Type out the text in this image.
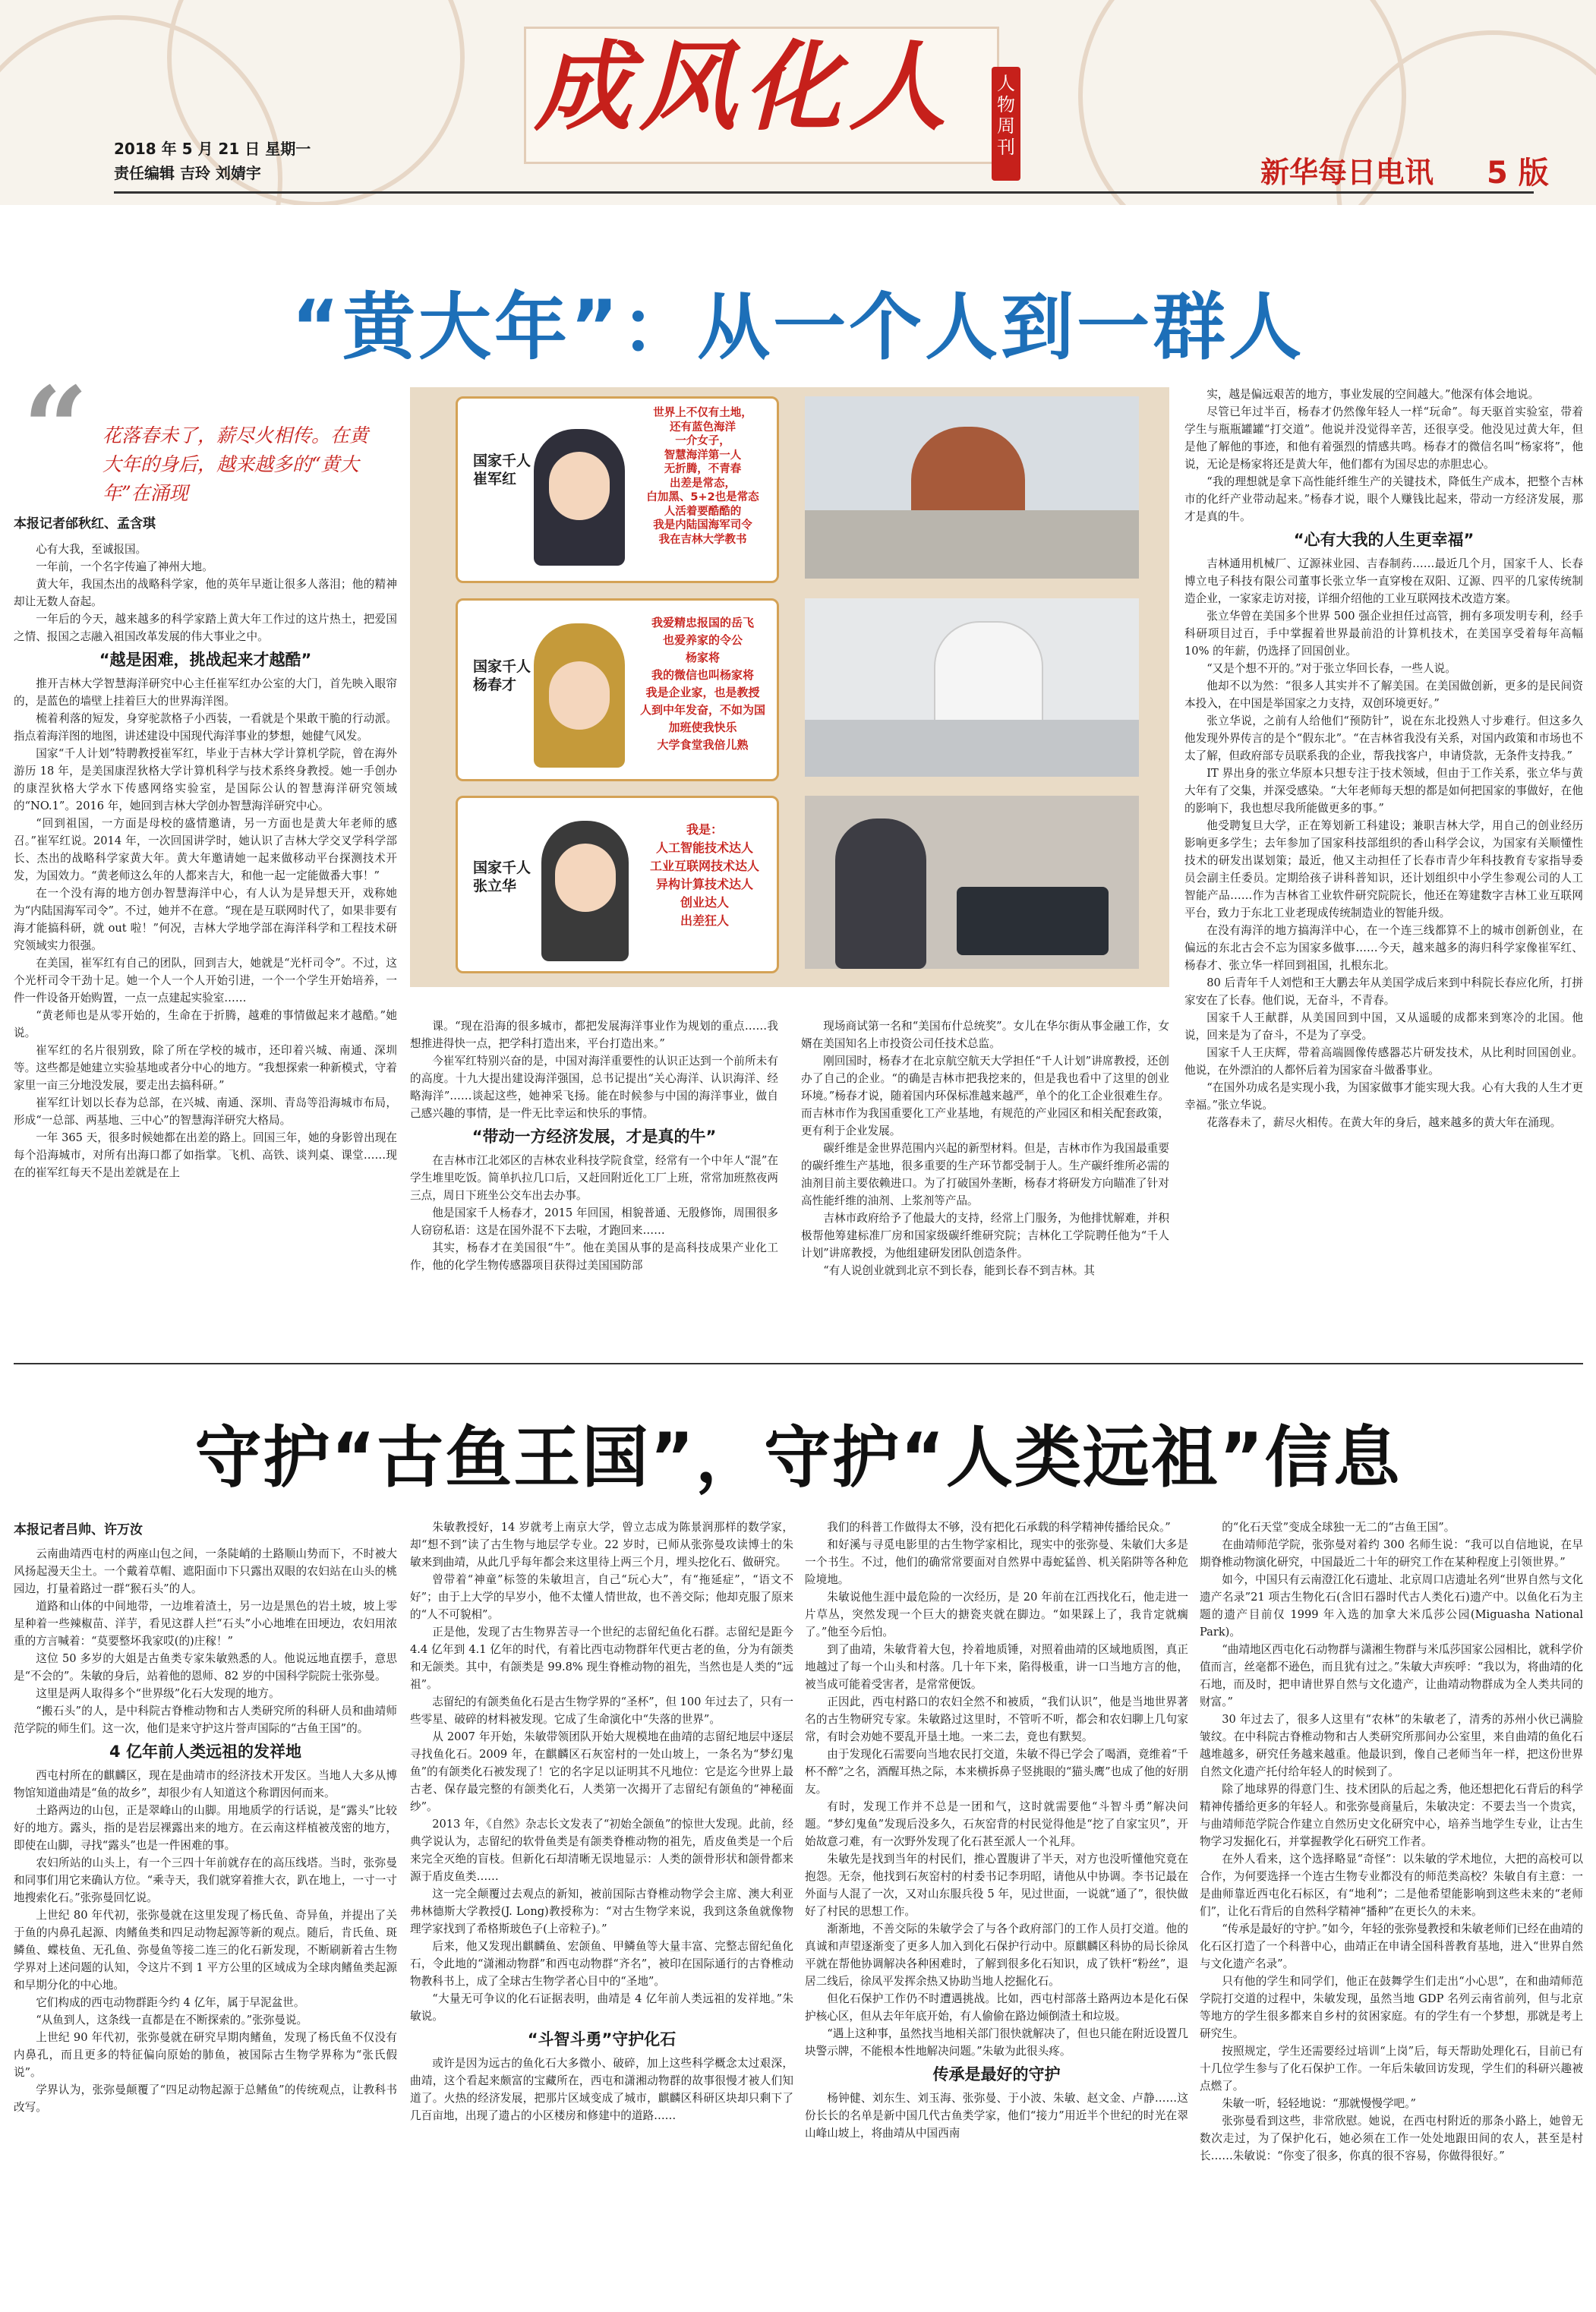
成风化人 人物周刊
2018 年 5 月 21 日 星期一
责任编辑 吉玲 刘婧宇	新华每日电讯 5 版
“黄大年”：从一个人到一群人
“ 花落春未了，薪尽火相传。在黄大年的身后，越来越多的“黄大年”在涌现
本报记者邰秋红、孟含琪

心有大我，至诚报国。

一年前，一个名字传遍了神州大地。

黄大年，我国杰出的战略科学家，他的英年早逝让很多人落泪；他的精神却让无数人奋起。

一年后的今天，越来越多的科学家踏上黄大年工作过的这片热土，把爱国之情、报国之志融入祖国改革发展的伟大事业之中。

“越是困难，挑战起来才越酷”

推开吉林大学智慧海洋研究中心主任崔军红办公室的大门，首先映入眼帘的，是蓝色的墙壁上挂着巨大的世界海洋图。

梳着利落的短发，身穿驼款格子小西装，一看就是个果敢干脆的行动派。指点着海洋图的地图，讲述建设中国现代海洋事业的梦想，她健气风发。

国家“千人计划”特聘教授崔军红，毕业于吉林大学计算机学院，曾在海外游历 18 年，是美国康涅狄格大学计算机科学与技术系终身教授。她一手创办的康涅狄格大学水下传感网络实验室，是国际公认的智慧海洋研究领域的“NO.1”。2016 年，她回到吉林大学创办智慧海洋研究中心。

“回到祖国，一方面是母校的盛情邀请，另一方面也是黄大年老师的感召。”崔军红说。2014 年，一次回国讲学时，她认识了吉林大学交叉学科学部长、杰出的战略科学家黄大年。黄大年邀请她一起来做移动平台探测技术开发，为国效力。“黄老师这么年的人都来吉大，和他一起一定能做番大事！”

在一个没有海的地方创办智慧海洋中心，有人认为是异想天开，戏称她为“内陆国海军司令”。不过，她并不在意。“现在是互联网时代了，如果非要有海才能搞科研，就 out 啦！”何况，吉林大学地学部在海洋科学和工程技术研究领域实力很强。

在美国，崔军红有自己的团队，回到吉大，她就是“光杆司令”。不过，这个光杆司令干劲十足。她一个人一个人开始引进，一个一个学生开始培养，一件一件设备开始购置，一点一点建起实验室……

“黄老师也是从零开始的，生命在于折腾，越难的事情做起来才越酷。”她说。

崔军红的名片很别致，除了所在学校的城市，还印着兴城、南通、深圳等。这些都是她建立实验基地或者分中心的地方。“我想探索一种新模式，守着家里一亩三分地没发展，要走出去搞科研。”

崔军红计划以长春为总部，在兴城、南通、深圳、青岛等沿海城市布局，形成“一总部、两基地、三中心”的智慧海洋研究大格局。

一年 365 天，很多时候她都在出差的路上。回国三年，她的身影曾出现在每个沿海城市，对所有出海口都了如指掌。飞机、高铁、谈判桌、课堂……现在的崔军红每天不是出差就是在上

国家千人
崔军红
世界上不仅有土地，
还有蓝色海洋
一介女子，
智慧海洋第一人
无折腾，不青春
出差是常态，
白加黑、5+2也是常态
人活着要酷酷的
我是内陆国海军司令
我在吉林大学教书
国家千人
杨春才
我爱精忠报国的岳飞
也爱养家的令公
杨家将
我的微信也叫杨家将
我是企业家，也是教授
人到中年发奋，不如为国
加班使我快乐
大学食堂我倍儿熟
国家千人
张立华
我是：
人工智能技术达人
工业互联网技术达人
异构计算技术达人
创业达人
出差狂人

课。“现在沿海的很多城市，都把发展海洋事业作为规划的重点……我想推进得快一点，把学科打造出来，平台打造出来。”

今崔军红特别兴奋的是，中国对海洋重要性的认识正达到一个前所未有的高度。十九大提出建设海洋强国，总书记提出“关心海洋、认识海洋、经略海洋”……谈起这些，她神采飞扬。能在时候参与中国的海洋事业，做自己感兴趣的事情，是一件无比幸运和快乐的事情。

“带动一方经济发展，才是真的牛”

在吉林市江北郊区的吉林农业科技学院食堂，经常有一个中年人“混”在学生堆里吃饭。简单扒拉几口后，又赶回附近化工厂上班，常常加班熬夜两三点，周日下班坐公交车出去办事。

他是国家千人杨春才，2015 年回国，相貌普通、无殷修饰，周围很多人窃窃私语：这是在国外混不下去啦，才跑回来……

其实，杨春才在美国很“牛”。他在美国从事的是高科技成果产业化工作，他的化学生物传感器项目获得过美国国防部

现场商试第一名和“美国布什总统奖”。女儿在华尔街从事金融工作，女婿在美国知名上市投资公司任技术总监。

刚回国时，杨春才在北京航空航天大学担任“千人计划”讲席教授，还创办了自己的企业。“的确是吉林市把我挖来的，但是我也看中了这里的创业环境。”杨春才说，随着国内环保标准越来越严，单个的化工企业很难生存。而吉林市作为我国重要化工产业基地，有规范的产业园区和相关配套政策，更有利于企业发展。

碳纤维是金世界范围内兴起的新型材料。但是，吉林市作为我国最重要的碳纤维生产基地，很多重要的生产环节都受制于人。生产碳纤维所必需的油剂目前主要依赖进口。为了打破国外垄断，杨春才将研发方向瞄准了针对高性能纤维的油剂、上浆剂等产品。

吉林市政府给予了他最大的支持，经常上门服务，为他排忧解难，并积极帮他筹建标准厂房和国家级碳纤维研究院；吉林化工学院聘任他为“千人计划”讲席教授，为他组建研发团队创造条件。

“有人说创业就到北京不到长春，能到长春不到吉林。其

实，越是偏远艰苦的地方，事业发展的空间越大。”他深有体会地说。

尽管已年过半百，杨春才仍然像年轻人一样“玩命”。每天驱首实验室，带着学生与瓶瓶罐罐“打交道”。他说并没觉得辛苦，还很享受。他没见过黄大年，但是他了解他的事迹，和他有着强烈的情感共鸣。杨春才的微信名叫“杨家将”，他说，无论是杨家将还是黄大年，他们都有为国尽忠的赤胆忠心。

“我的理想就是拿下高性能纤维生产的关键技术，降低生产成本，把整个吉林市的化纤产业带动起来。”杨春才说，眼个人赚钱比起来，带动一方经济发展，那才是真的牛。

“心有大我的人生更幸福”

吉林通用机械厂、辽源袜业园、吉春制药……最近几个月，国家千人、长春博立电子科技有限公司董事长张立华一直穿梭在双阳、辽源、四平的几家传统制造企业，一家家走访对接，详细介绍他的工业互联网技术改造方案。

张立华曾在美国多个世界 500 强企业担任过高管，拥有多项发明专利，经手科研项目过百，手中掌握着世界最前沿的计算机技术，在美国享受着每年高幅 10% 的年薪，仍选择了回国创业。

“又是个想不开的。”对于张立华回长春，一些人说。

他却不以为然：“很多人其实并不了解美国。在美国做创新，更多的是民间资本投入，在中国是举国家之力支持，双创环境更好。”

张立华说，之前有人给他们“预防针”，说在东北投熟人寸步难行。但这多久他发现外界传言的是个“假东北”。“在吉林省我没有关系，对国内政策和市场也不太了解，但政府部专员联系我的企业，帮我找客户，申请贷款，无条件支持我。”

IT 界出身的张立华原本只想专注于技术领域，但由于工作关系，张立华与黄大年有了交集，并深受感染。“大年老师每天想的都是如何把国家的事做好，在他的影响下，我也想尽我所能做更多的事。”

他受聘复旦大学，正在筹划新工科建设；兼职吉林大学，用自己的创业经历影响更多学生；去年参加了国家科技部组织的香山科学会议，为国家有关顺懂性技术的研发出谋划策；最近，他又主动担任了长春市青少年科技教育专家指导委员会副主任委员。定期给孩子讲科普知识，还计划组织中小学生参观公司的人工智能产品……作为吉林省工业软件研究院院长，他还在筹建数字吉林工业互联网平台，致力于东北工业老现成传统制造业的智能升级。

在没有海洋的地方搞海洋中心，在一个连三线都算不上的城市创新创业，在偏远的东北古会不忘为国家多做事……今天，越来越多的海归科学家像崔军红、杨春才、张立华一样回到祖国，扎根东北。

80 后青年千人刘恺和王大鹏去年从美国学成后来到中科院长春应化所，打拼家安在了长春。他们说，无奋斗，不青春。

国家千人王献群，从美国回到中国，又从遥暖的成都来到寒冷的北国。他说，回来是为了奋斗，不是为了享受。

国家千人王庆辉，带着高端圆像传感器芯片研发技术，从比利时回国创业。他说，在外漂泊的人都怀后着为国家奋斗做番事业。

“在国外功成名是实现小我，为国家做事才能实现大我。心有大我的人生才更幸福。”张立华说。

花落春未了，薪尽火相传。在黄大年的身后，越来越多的黄大年在涌现。

守护“古鱼王国”，守护“人类远祖”信息
本报记者吕帅、许万汝

云南曲靖西屯村的两座山包之间，一条陡峭的土路顺山势而下，不时被大风扬起漫天尘土。一个戴着草帽、遮阳面巾下只露出双眼的农妇站在山头的桃园边，打量着路过一群“猴石头”的人。

道路和山体的中间地带，一边堆着渣土，另一边是黑色的岩土坡，坡上零星种着一些辣椒苗、洋芋，看见这群人拦“石头”小心地堆在田埂边，农妇用浓重的方言喊着：“莫要整坏我家哎(的)庄稼！”

这位 50 多岁的大姐是古鱼类专家朱敏熟悉的人。他说远地直摆手，意思是“不会的”。朱敏的身后，站着他的恩师、82 岁的中国科学院院士张弥曼。

这里是两人取得多个“世界级”化石大发现的地方。

“搬石头”的人，是中科院古脊椎动物和古人类研究所的科研人员和曲靖师范学院的师生们。这一次，他们是来守护这片誉声国际的“古鱼王国”的。

4 亿年前人类远祖的发祥地

西屯村所在的麒麟区，现在是曲靖市的经济技术开发区。当地人大多从博物馆知道曲靖是“鱼的故乡”，却很少有人知道这个称谓因何而来。

土路两边的山包，正是翠峰山的山脚。用地质学的行话说，是“露头”比较好的地方。露头，指的是岩层裸露出来的地方。在云南这样植被茂密的地方，即使在山脚，寻找“露头”也是一件困难的事。

农妇所站的山头上，有一个三四十年前就存在的高压线塔。当时，张弥曼和同事们用它来确认方位。“乘寺天，我们就穿着推大衣，趴在地上，一寸一寸地搜索化石。”张弥曼回忆说。

上世纪 80 年代初，张弥曼就在这里发现了杨氏鱼、奇异鱼，并提出了关于鱼的内鼻孔起源、肉鳍鱼类和四足动物起源等新的观点。随后，肯氏鱼、斑鳞鱼、蝶枝鱼、无孔鱼、弥曼鱼等接二连三的化石新发现，不断刷新着古生物学界对上述问题的认知，令这片不到 1 平方公里的区域成为全球肉鳍鱼类起源和早期分化的中心地。

它们构成的西屯动物群距今约 4 亿年，属于早泥盆世。

“从鱼到人，这条线一直都是在不断探索的。”张弥曼说。

上世纪 90 年代初，张弥曼就在研究早期肉鳍鱼，发现了杨氏鱼不仅没有内鼻孔，而且更多的特征偏向原始的肺鱼，被国际古生物学界称为“张氏假说”。

学界认为，张弥曼颠覆了“四足动物起源于总鳍鱼”的传统观点，让教科书改写。

朱敏教授好，14 岁就考上南京大学，曾立志成为陈景润那样的数学家，却“想不到”读了古生物与地层学专业。22 岁时，已师从张弥曼攻读博士的朱敏来到曲靖，从此几乎每年都会来这里待上两三个月，埋头挖化石、做研究。

曾带着“神童”标签的朱敏坦言，自己“玩心大”，有“拖延症”，“语文不好”；由于上大学的早岁小，他不太懂人情世故，也不善交际；他却克服了原来的“人不可貌相”。

正是他，发现了古生物界苦寻一个世纪的志留纪鱼化石群。志留纪是距今 4.4 亿年到 4.1 亿年的时代，有着比西屯动物群年代更古老的鱼，分为有颌类和无颌类。其中，有颌类是 99.8% 现生脊椎动物的祖先，当然也是人类的“远祖”。

志留纪的有颌类鱼化石是古生物学界的“圣杯”，但 100 年过去了，只有一些零星、破碎的材料被发现。它成了生命演化中“失落的世界”。

从 2007 年开始，朱敏带领团队开始大规模地在曲靖的志留纪地层中逐层寻找鱼化石。2009 年，在麒麟区石灰窑村的一处山坡上，一条名为“梦幻鬼鱼”的有颌类化石被发现了！它的名字足以证明其不凡地位：它是迄今世界上最古老、保存最完整的有颌类化石，人类第一次揭开了志留纪有颌鱼的“神秘面纱”。

2013 年，《自然》杂志长文发表了“初始全颌鱼”的惊世大发现。此前，经典学说认为，志留纪的软骨鱼类是有颌类脊椎动物的祖先，盾皮鱼类是一个后来完全灭绝的盲枝。但新化石却清晰无误地显示：人类的颌骨形状和颌骨都来源于盾皮鱼类……

这一完全颠覆过去观点的新知，被前国际古脊椎动物学会主席、澳大利亚弗林德斯大学教授(J. Long)教授称为：“对古生物学来说，我到这条鱼就像物理学家找到了希格斯玻色子(上帝粒子)。”

后来，他又发现出麒麟鱼、宏颌鱼、甲鳞鱼等大量丰富、完整志留纪鱼化石，令此地的“潇湘动物群”和西屯动物群“齐名”，被印在国际通行的古脊椎动物教科书上，成了全球古生物学者心目中的“圣地”。

“大量无可争议的化石证据表明，曲靖是 4 亿年前人类远祖的发祥地。”朱敏说。

“斗智斗勇”守护化石

或许是因为远古的鱼化石大多微小、破碎，加上这些科学概念太过艰深，曲靖，这个看起来颇富的宝藏所在，西屯和潇湘动物群的故事很慢才被人们知道了。火热的经济发展，把那片区域变成了城市，麒麟区科研区块却只剩下了几百亩地，出现了遗占的小区楼房和修建中的道路……

我们的科普工作做得太不够，没有把化石承载的科学精神传播给民众。”

和好溪与寻觅电影里的古生物学家相比，现实中的张弥曼、朱敏们大多是一个书生。不过，他们的确常常要面对自然界中毒蛇猛兽、机关陷阱等各种危险境地。

朱敏说他生涯中最危险的一次经历，是 20 年前在江西找化石，他走进一片草丛，突然发现一个巨大的搪瓷夹就在脚边。“如果踩上了，我肯定就瘸了。”他至今后怕。

到了曲靖，朱敏背着大包，拎着地质锤，对照着曲靖的区域地质图，真正地越过了每一个山头和村落。几十年下来，陷得极重，讲一口当地方言的他，被当成可能着受害者，是常常便饭。

正因此，西屯村路口的农妇全然不和被质，“我们认识”，他是当地世界著名的古生物研究专家。朱敏路过这里时，不管听不听，都会和农妇聊上几句家常，有时会劝她不要乱开垦土地。一来二去，竟也有默契。

由于发现化石需要向当地农民打交道，朱敏不得已学会了喝酒，竟维着“千杯不醉”之名，酒醒耳热之际，本来横拆鼻子竖挑眼的“猫头鹰”也成了他的好朋友。

有时，发现工作并不总是一团和气，这时就需要他“斗智斗勇”解决问题。“梦幻鬼鱼”发现后没多久，石灰窑背的村民觉得他是“挖了自家宝贝”，开始故意刁难，有一次野外发现了化石甚至派人一个礼拜。

朱敏先是找到当年的村民们，推心置腹讲了半天，对方也没听懂他究竟在抱怨。无奈，他找到石灰窑村的村委书记李玥昭，请他从中协调。李书记最在外面与人混了一次，又对山东服兵役 5 年，见过世面，一说就“通了”，很快做好了村民的思想工作。

渐渐地，不善交际的朱敏学会了与各个政府部门的工作人员打交道。他的真诚和声望逐渐变了更多人加入到化石保护行动中。原麒麟区科协的局长徐凤平就在帮他协调解决各种困难时，了解到很多化石知识，成了铁杆“粉丝”，退居二线后，徐凤平发挥余热又协助当地人挖掘化石。

但化石保护工作仍不时遭遇挑战。比如，西屯村部落土路两边本是化石保护核心区，但从去年年底开始，有人偷偷在路边倾倒渣土和垃圾。

“遇上这种事，虽然找当地相关部门很快就解决了，但也只能在附近设置几块警示牌，不能根本性地解决问题。”朱敏为此很头疼。

传承是最好的守护

杨钟健、刘东生、刘玉海、张弥曼、于小波、朱敏、赵文金、卢静……这份长长的名单是新中国几代古鱼类学家，他们“接力”用近半个世纪的时光在翠山峰山坡上，将曲靖从中国西南

的“化石天堂”变成全球独一无二的“古鱼王国”。

在曲靖师范学院，张弥曼对着约 300 名师生说：“我可以自信地说，在早期脊椎动物演化研究，中国最近二十年的研究工作在某种程度上引领世界。”

如今，中国只有云南澄江化石遗址、北京周口店遗址名列“世界自然与文化遗产名录”21 项古生物化石(含旧石器时代古人类化石)遗产中。以鱼化石为主题的遗产目前仅 1999 年入选的加拿大米瓜莎公园(Miguasha National Park)。

“曲靖地区西屯化石动物群与潇湘生物群与米瓜莎国家公园相比，就科学价值而言，丝毫都不逊色，而且犹有过之。”朱敏大声疾呼：“我以为，将曲靖的化石地，而及时，把申请世界自然与文化遗产，让曲靖动物群成为全人类共同的财富。”

30 年过去了，很多人这里有“农林”的朱敏老了，清秀的苏州小伙已满脸皱纹。在中科院古脊椎动物和古人类研究所那间办公室里，来自曲靖的鱼化石越堆越多，研究任务越来越重。他最识到，像自己老师当年一样，把这份世界自然文化遗产托付给年轻人的时候到了。

除了地球界的得意门生、技术团队的后起之秀，他还想把化石背后的科学精神传播给更多的年轻人。和张弥曼商量后，朱敏决定：不要去当一个贵宾，与曲靖师范学院合作建立自然历史文化研究中心，培养当地学生专业，让古生物学习发掘化石，并掌握教学化石研究工作者。

在外人看来，这个选择略显“奇怪”：以朱敏的学术地位，大把的高校可以合作，为何要选择一个连古生物专业都没有的师范类高校？朱敏自有主意：一是曲师靠近西屯化石标区，有“地利”；二是他希望能影响到这些未来的“老师们”，让化石背后的自然科学精神“播种”在更长久的未来。

“传承是最好的守护。”如今，年轻的张弥曼教授和朱敏老师们已经在曲靖的化石区打造了一个科普中心，曲靖正在申请全国科普教育基地，进入“世界自然与文化遗产名录”。

只有他的学生和同学们，他正在鼓舞学生们走出“小心思”，在和曲靖师范学院打交道的过程中，朱敏发现，虽然当地 GDP 名列云南省前列，但与北京等地方的学生很多都来自乡村的贫困家庭。有的学生有一个梦想，那就是考上研究生。

按照规定，学生还需要经过培训“上岗”后，每天帮助处理化石，目前已有十几位学生参与了化石保护工作。一年后朱敏回访发现，学生们的科研兴趣被点燃了。

朱敏一听，轻轻地说：“那就慢慢学吧。”

张弥曼看到这些，非常欣慰。她说，在西屯村附近的那条小路上，她曾无数次走过，为了保护化石，她必须在工作一处处地跟田间的农人，甚至是村长……朱敏说：“你变了很多，你真的很不容易，你做得很好。”
